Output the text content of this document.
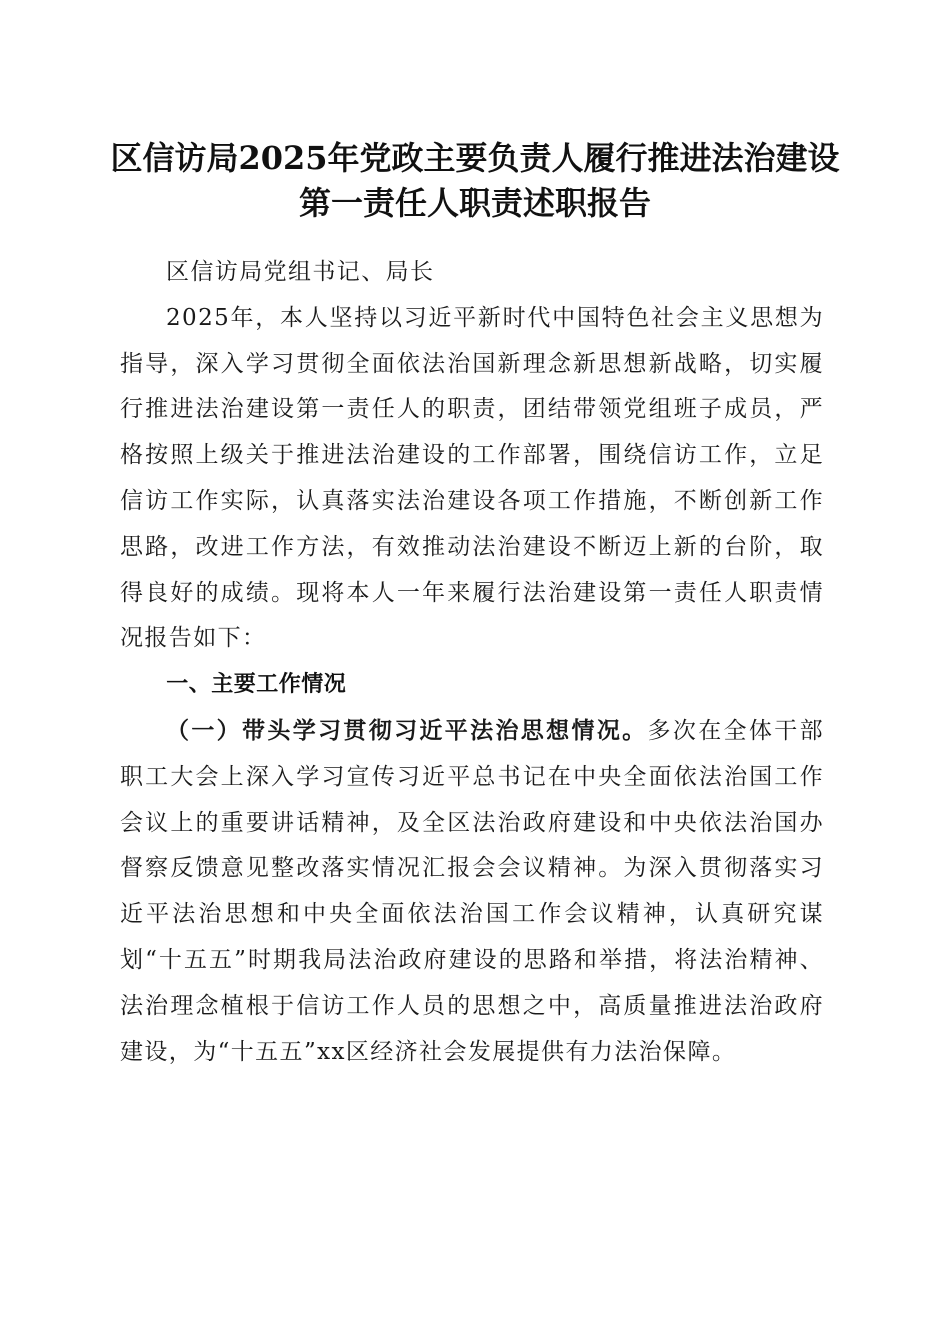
区信访局2025年党政主要负责人履行推进法治建设第一责任人职责述职报告

区信访局党组书记、局长

2025年，本人坚持以习近平新时代中国特色社会主义思想为指导，深入学习贯彻全面依法治国新理念新思想新战略，切实履行推进法治建设第一责任人的职责，团结带领党组班子成员，严格按照上级关于推进法治建设的工作部署，围绕信访工作，立足信访工作实际，认真落实法治建设各项工作措施，不断创新工作思路，改进工作方法，有效推动法治建设不断迈上新的台阶，取得良好的成绩。现将本人一年来履行法治建设第一责任人职责情况报告如下：

一、主要工作情况

（一）带头学习贯彻习近平法治思想情况。多次在全体干部职工大会上深入学习宣传习近平总书记在中央全面依法治国工作会议上的重要讲话精神，及全区法治政府建设和中央依法治国办督察反馈意见整改落实情况汇报会会议精神。为深入贯彻落实习近平法治思想和中央全面依法治国工作会议精神，认真研究谋划“十五五”时期我局法治政府建设的思路和举措，将法治精神、法治理念植根于信访工作人员的思想之中，高质量推进法治政府建设，为“十五五”xx区经济社会发展提供有力法治保障。
